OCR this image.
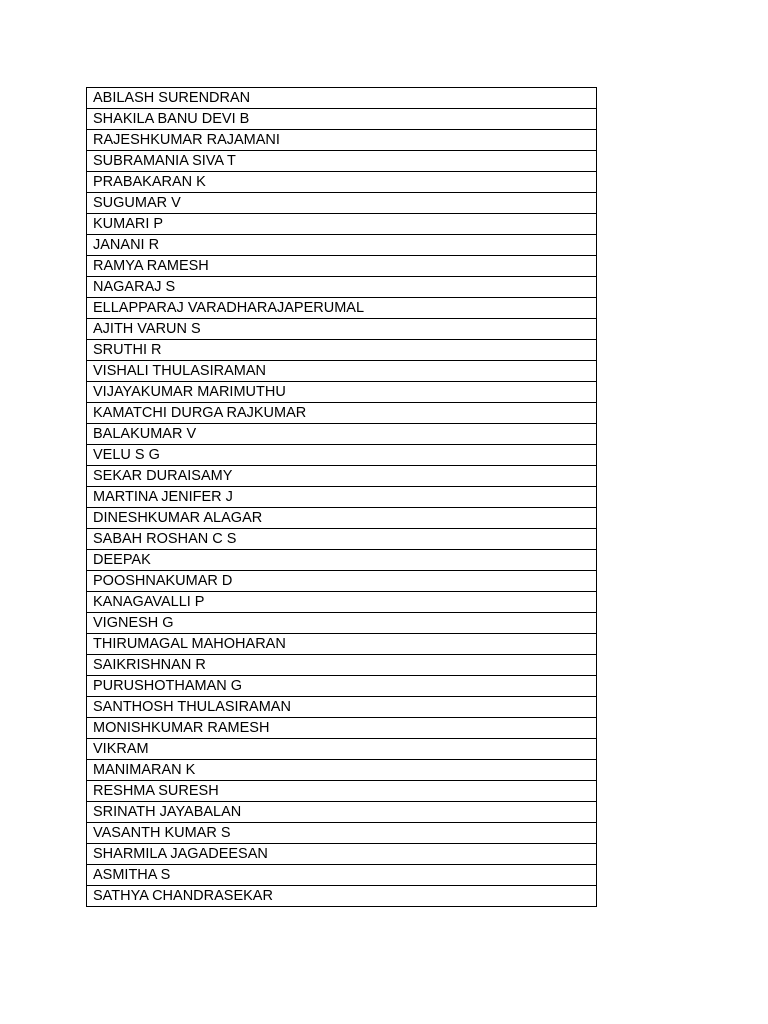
ABILASH SURENDRAN
SHAKILA BANU DEVI B
RAJESHKUMAR RAJAMANI
SUBRAMANIA SIVA T
PRABAKARAN K
SUGUMAR V
KUMARI P
JANANI R
RAMYA RAMESH
NAGARAJ S
ELLAPPARAJ VARADHARAJAPERUMAL
AJITH VARUN S
SRUTHI R
VISHALI THULASIRAMAN
VIJAYAKUMAR MARIMUTHU
KAMATCHI DURGA RAJKUMAR
BALAKUMAR V
VELU S G
SEKAR DURAISAMY
MARTINA JENIFER J
DINESHKUMAR ALAGAR
SABAH ROSHAN C S
DEEPAK
POOSHNAKUMAR D
KANAGAVALLI P
VIGNESH G
THIRUMAGAL MAHOHARAN
SAIKRISHNAN R
PURUSHOTHAMAN G
SANTHOSH THULASIRAMAN
MONISHKUMAR RAMESH
VIKRAM
MANIMARAN K
RESHMA SURESH
SRINATH JAYABALAN
VASANTH KUMAR S
SHARMILA JAGADEESAN
ASMITHA S
SATHYA CHANDRASEKAR
